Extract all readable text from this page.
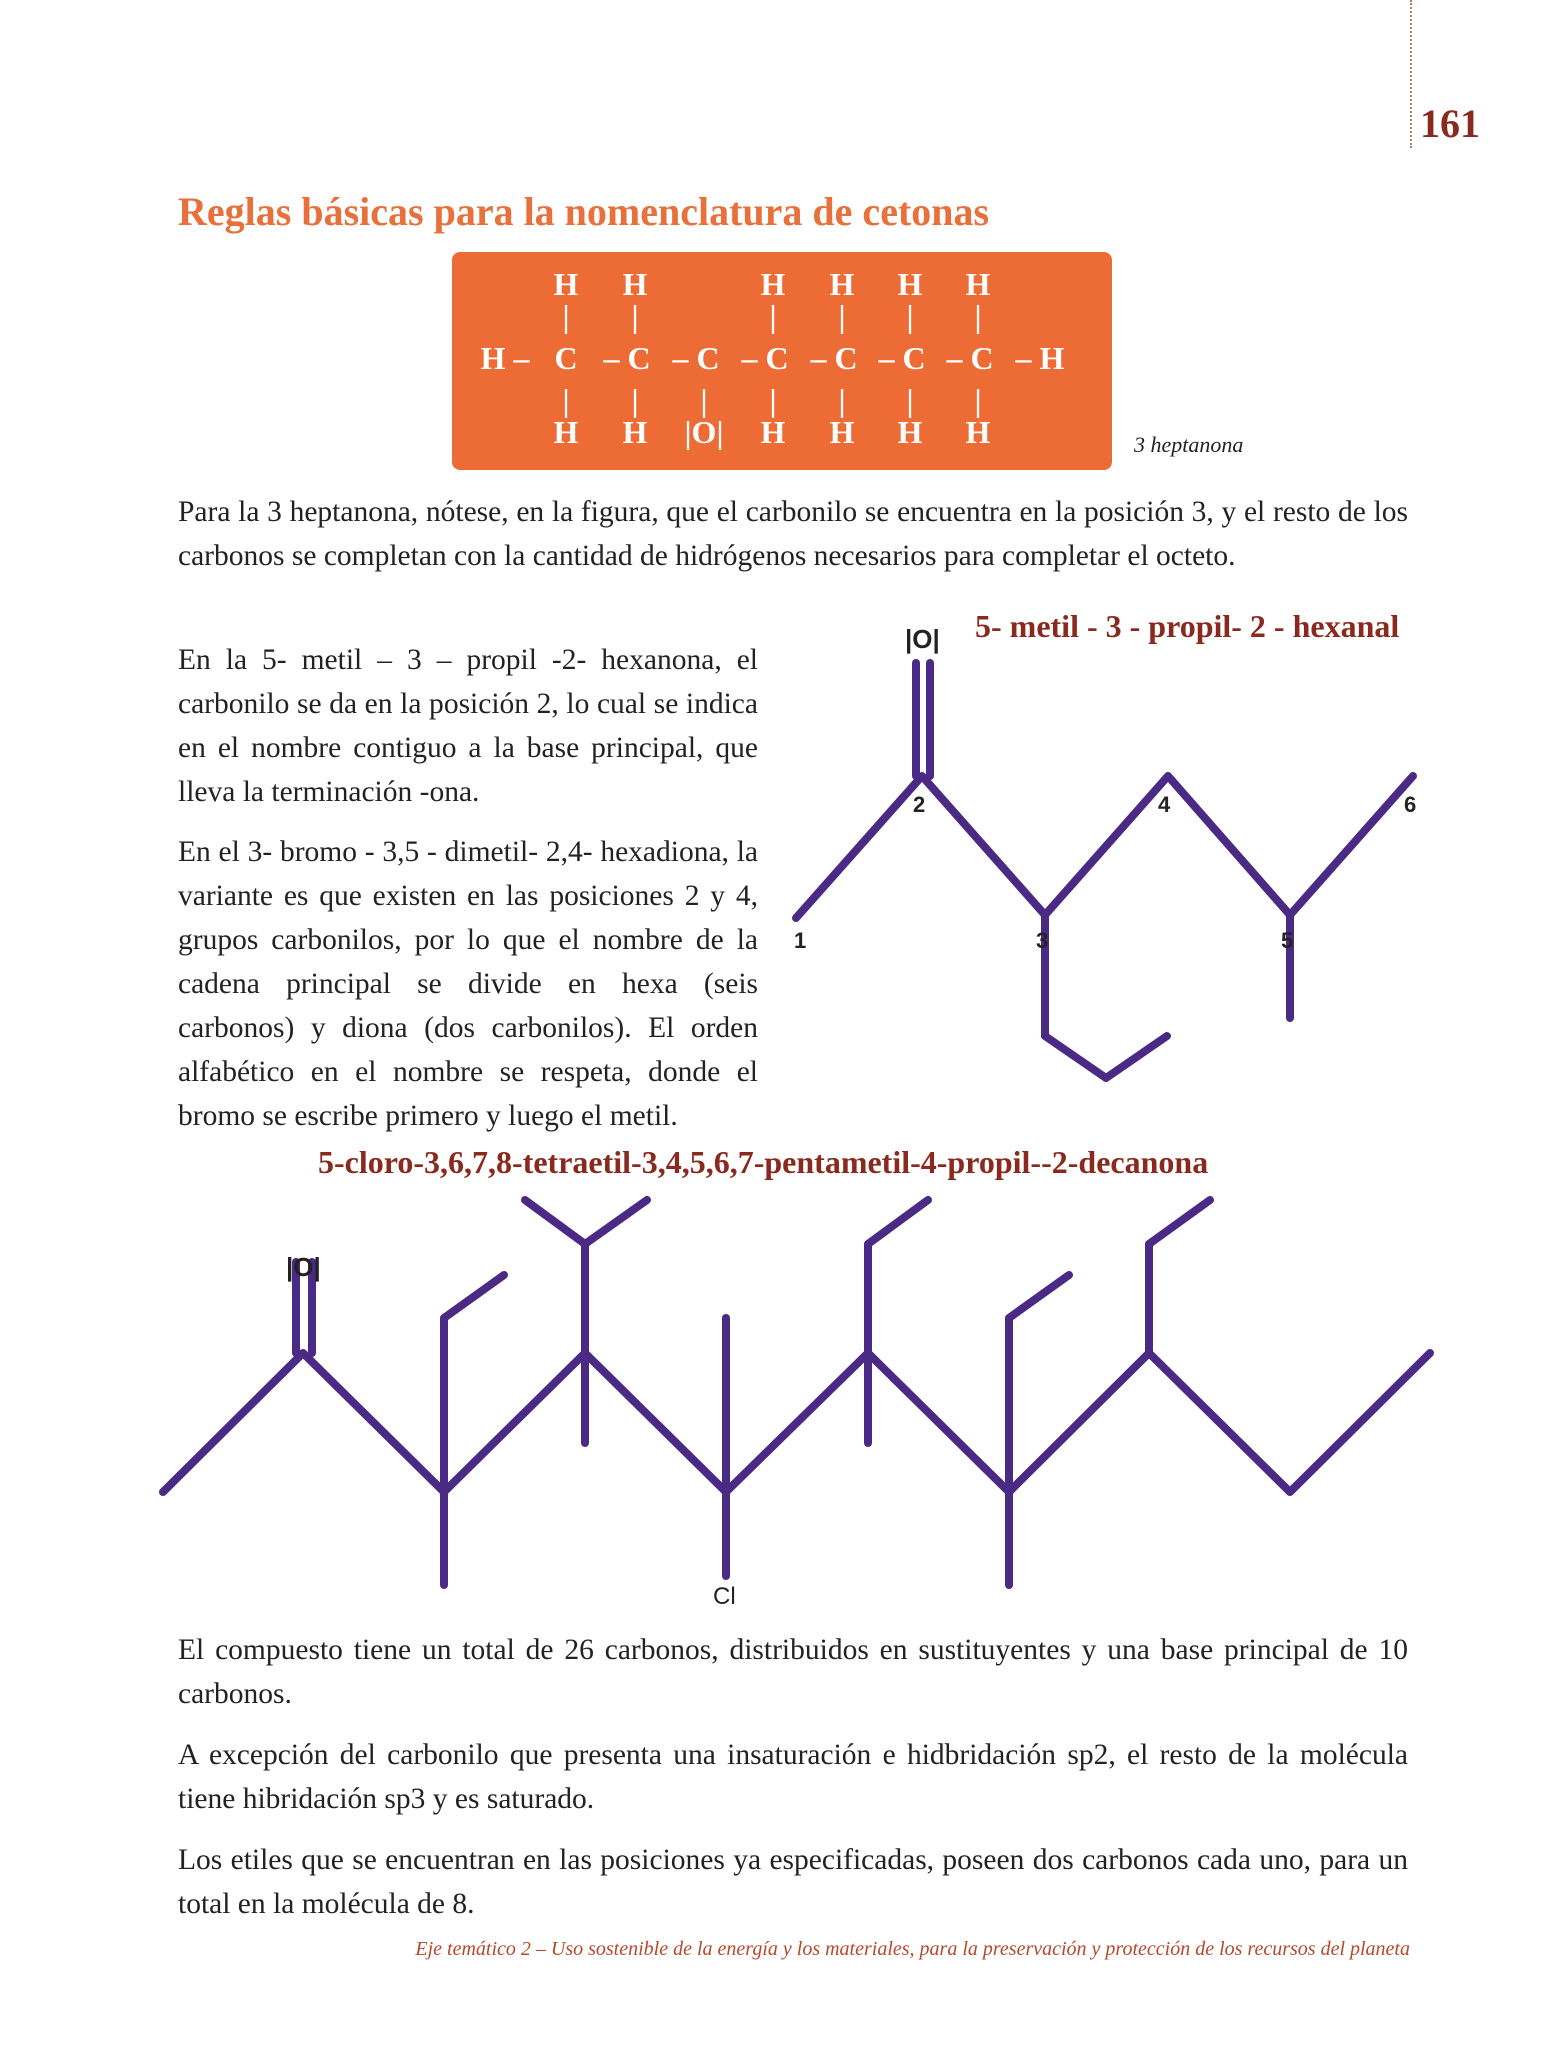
161
Reglas básicas para la nomenclatura de cetonas
H	H	H	H	H	H
|	|	|	|	|	|
H – C – C – C – C – C – C – C – H
|	|	|	|	|	|	|
H	H	|O|	H	H	H	H	3 heptanona

Para la 3 heptanona, nótese, en la figura, que el carbonilo se encuentra en la posición 3, y el resto de los carbonos se completan con la cantidad de hidrógenos necesarios para completar el octeto.

En la 5- metil – 3 – propil -2- hexanona, el carbonilo se da en la posición 2, lo cual se indica en el nombre contiguo a la base principal, que lleva la terminación -ona.

En el 3- bromo - 3,5 - dimetil- 2,4- hexadiona, la variante es que existen en las posiciones 2 y 4, grupos carbonilos, por lo que el nombre de la cadena principal se divide en hexa (seis carbonos) y diona (dos carbonilos). El orden alfabético en el nombre se respeta, donde el bromo se escribe primero y luego el metil.

5- metil - 3 - propil- 2 - hexanal
5-cloro-3,6,7,8-tetraetil-3,4,5,6,7-pentametil-4-propil--2-decanona
|O|
1
2
3
4
5
6
|O|
Cl

El compuesto tiene un total de 26 carbonos, distribuidos en sustituyentes y una base principal de 10 carbonos.

A excepción del carbonilo que presenta una insaturación e hidbridación sp2, el resto de la molécula tiene hibridación sp3 y es saturado.

Los etiles que se encuentran en las posiciones ya especificadas, poseen dos carbonos cada uno, para un total en la molécula de 8.

Eje temático 2 – Uso sostenible de la energía y los materiales, para la preservación y protección de los recursos del planeta
